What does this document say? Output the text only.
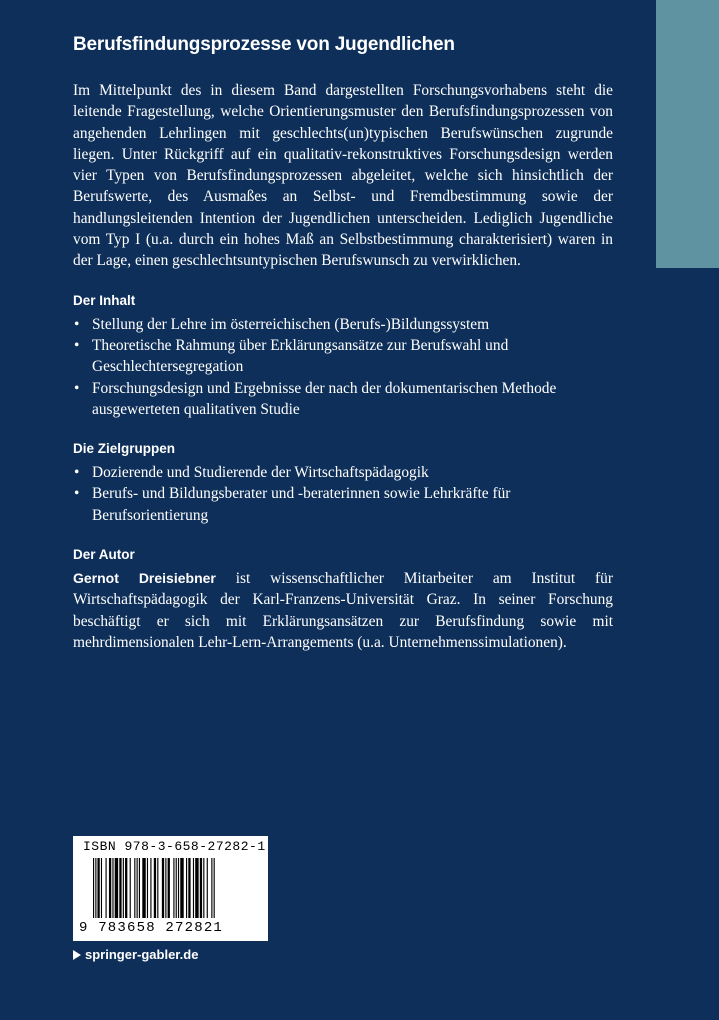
Berufsfindungsprozesse von Jugendlichen

Im Mittelpunkt des in diesem Band dargestellten Forschungsvorhabens steht die leitende Fragestellung, welche Orientierungsmuster den Berufsfindungsprozessen von angehenden Lehrlingen mit geschlechts(un)typischen Berufswünschen zugrunde liegen. Unter Rückgriff auf ein qualitativ-rekonstruktives Forschungsdesign werden vier Typen von Berufsfindungsprozessen abgeleitet, welche sich hinsichtlich der Berufswerte, des Ausmaßes an Selbst- und Fremdbestimmung sowie der handlungsleitenden Intention der Jugendlichen unterscheiden. Lediglich Jugendliche vom Typ I (u.a. durch ein hohes Maß an Selbstbestimmung charakterisiert) waren in der Lage, einen geschlechtsuntypischen Berufswunsch zu verwirklichen.

Der Inhalt
• Stellung der Lehre im österreichischen (Berufs-)Bildungssystem
• Theoretische Rahmung über Erklärungsansätze zur Berufswahl und Geschlechtersegregation
• Forschungsdesign und Ergebnisse der nach der dokumentarischen Methode ausgewerteten qualitativen Studie
Die Zielgruppen
• Dozierende und Studierende der Wirtschaftspädagogik
• Berufs- und Bildungsberater und -beraterinnen sowie Lehrkräfte für Berufsorientierung
Der Autor

Gernot Dreisiebner ist wissenschaftlicher Mitarbeiter am Institut für Wirtschaftspädagogik der Karl-Franzens-Universität Graz. In seiner Forschung beschäftigt er sich mit Erklärungsansätzen zur Berufsfindung sowie mit mehrdimensionalen Lehr-Lern-Arrangements (u.a. Unternehmenssimulationen).

ISBN 978-3-658-27282-1
9 783658 272821
springer-gabler.de
